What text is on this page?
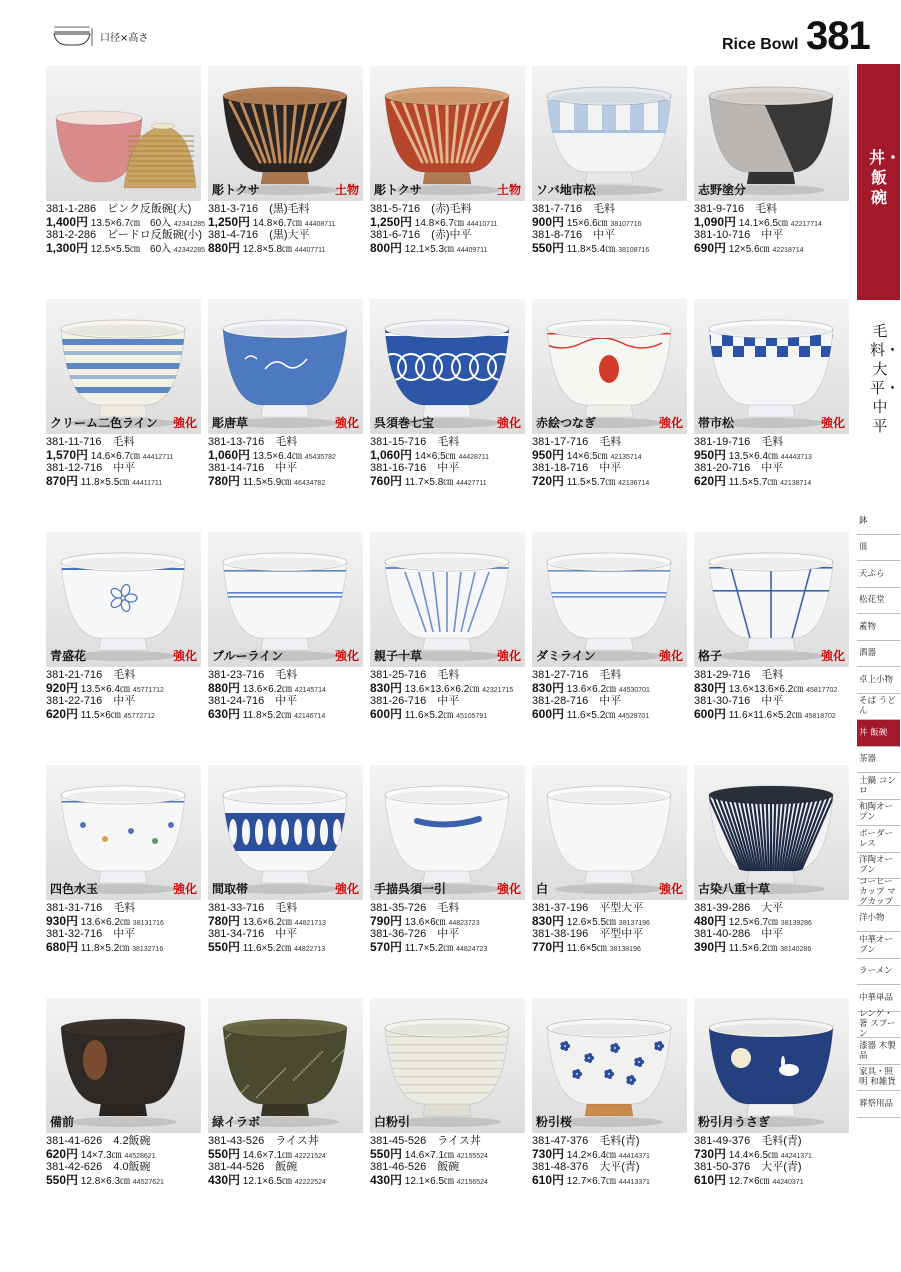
口径×高さ	Rice Bowl 381
381-1-286　ピンク反飯碗(大)
1,400円 13.5×6.7㎝　60入 42341285
381-2-286　ピードロ反飯碗(小)
1,300円 12.5×5.5㎝　60入 42342285
彫トクサ	土物
381-3-716　(黒)毛料
1,250円 14.8×6.7㎝ 44408711
381-4-716　(黒)大平
880円 12.8×5.8㎝ 44407711
彫トクサ	土物
381-5-716　(赤)毛料
1,250円 14.8×6.7㎝ 44410711
381-6-716　(赤)中平
800円 12.1×5.3㎝ 44409711
ソバ地市松
381-7-716　毛料
900円 15×6.6㎝ 38107716
381-8-716　中平
550円 11.8×5.4㎝ 38108716
志野塗分
381-9-716　毛料
1,090円 14.1×6.5㎝ 42217714
381-10-716　中平
690円 12×5.6㎝ 42218714
クリーム二色ライン 強化
381-11-716　毛料
1,570円 14.6×6.7㎝ 44412711
381-12-716　中平
870円 11.8×5.5㎝ 44411711
彫唐草	強化
381-13-716　毛料
1,060円 13.5×6.4㎝ 45435782
381-14-716　中平
780円 11.5×5.9㎝ 46434782
呉須巻七宝	強化
381-15-716　毛料
1,060円 14×6.5㎝ 44428711
381-16-716　中平
760円 11.7×5.8㎝ 44427711
赤絵つなぎ	強化
381-17-716　毛料
950円 14×6.5㎝ 42135714
381-18-716　中平
720円 11.5×5.7㎝ 42136714
帯市松	強化
381-19-716　毛料
950円 13.5×6.4㎝ 44443713
381-20-716　中平
620円 11.5×5.7㎝ 42138714
青盛花	強化
381-21-716　毛料
920円 13.5×6.4㎝ 45771712
381-22-716　中平
620円 11.5×6㎝ 45772712
ブルーライン	強化
381-23-716　毛料
880円 13.6×6.2㎝ 42145714
381-24-716　中平
630円 11.8×5.2㎝ 42146714
親子十草	強化
381-25-716　毛料
830円 13.6×13.6×6.2㎝ 42321715
381-26-716　中平
600円 11.6×5.2㎝ 45105791
ダミライン	強化
381-27-716　毛料
830円 13.6×6.2㎝ 44530701
381-28-716　中平
600円 11.6×5.2㎝ 44529701
格子	強化
381-29-716　毛料
830円 13.6×13.6×6.2㎝ 45817702
381-30-716　中平
600円 11.6×11.6×5.2㎝ 45818702
四色水玉	強化
381-31-716　毛料
930円 13.6×6.2㎝ 38131716
381-32-716　中平
680円 11.8×5.2㎝ 38132716
間取帯	強化
381-33-716　毛料
780円 13.6×6.2㎝ 44821713
381-34-716　中平
550円 11.6×5.2㎝ 44822713
手描呉須一引	強化
381-35-726　毛料
790円 13.6×6㎝ 44823723
381-36-726　中平
570円 11.7×5.2㎝ 44824723
白	強化
381-37-196　平型大平
830円 12.6×5.5㎝ 38137196
381-38-196　平型中平
770円 11.6×5㎝ 38138196
古染八重十草
381-39-286　大平
480円 12.5×6.7㎝ 38139286
381-40-286　中平
390円 11.5×6.2㎝ 38140286
備前
381-41-626　4.2飯碗
620円 14×7.3㎝ 44528621
381-42-626　4.0飯碗
550円 12.8×6.3㎝ 44527621
緑イラボ
381-43-526　ライス丼
550円 14.6×7.1㎝ 42221524
381-44-526　飯碗
430円 12.1×6.5㎝ 42222524
白粉引
381-45-526　ライス丼
550円 14.6×7.1㎝ 42155524
381-46-526　飯碗
430円 12.1×6.5㎝ 42156524
粉引桜
381-47-376　毛料(青)
730円 14.2×6.4㎝ 44414371
381-48-376　大平(青)
610円 12.7×6.7㎝ 44413371
粉引月うさぎ
381-49-376　毛料(青)
730円 14.4×6.5㎝ 44241371
381-50-376　大平(青)
610円 12.7×6㎝ 44240371
丼・飯碗
毛料・大平・中平
鉢
皿
天ぷら
松花堂
蓋物
酒器
卓上小物
そば うどん
丼 飯碗
茶器
土鍋 コンロ
和陶オーブン
ボーダーレス
洋陶オーブン
コーヒーカップ マグカップ
洋小物
中華オーブン
ラーメン
中華単品
レンゲ・箸 スプーン
漆器 木製品
家具・照明 和雑貨
葬祭用品
